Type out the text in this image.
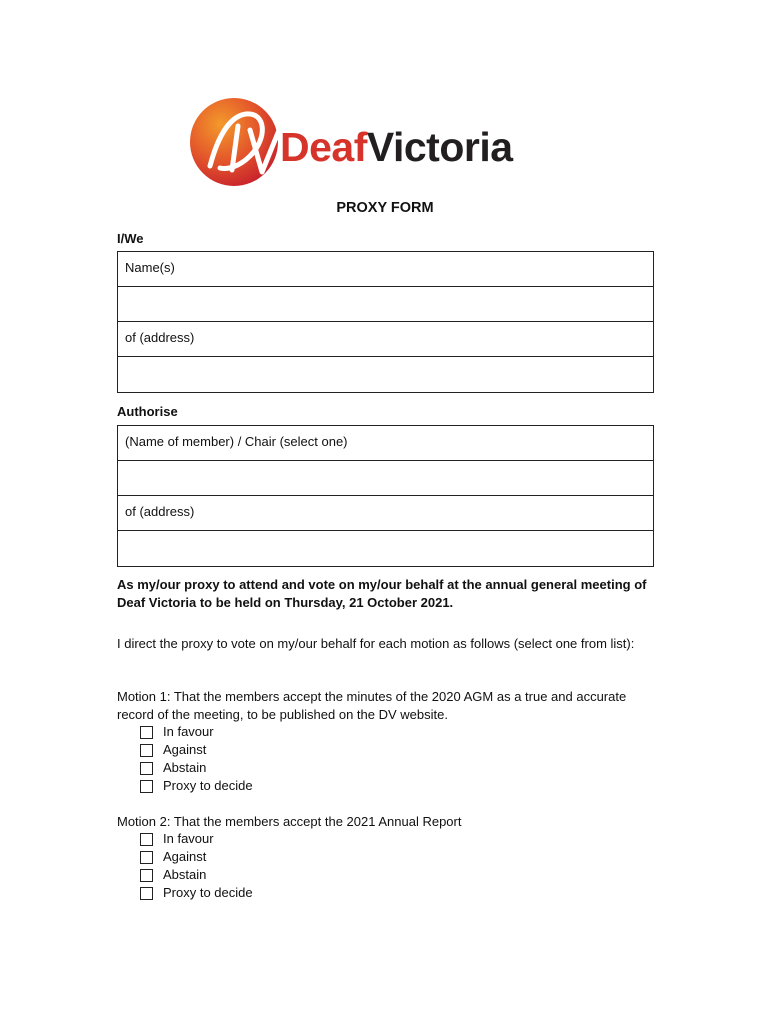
DeafVictoria
PROXY FORM
I/We
Name(s)
of (address)
Authorise
(Name of member) / Chair (select one)
of (address)
As my/our proxy to attend and vote on my/our behalf at the annual general meeting of Deaf Victoria to be held on Thursday, 21 October 2021.
I direct the proxy to vote on my/our behalf for each motion as follows (select one from list):
Motion 1: That the members accept the minutes of the 2020 AGM as a true and accurate record of the meeting, to be published on the DV website.
In favour
Against
Abstain
Proxy to decide
Motion 2: That the members accept the 2021 Annual Report
In favour
Against
Abstain
Proxy to decide
